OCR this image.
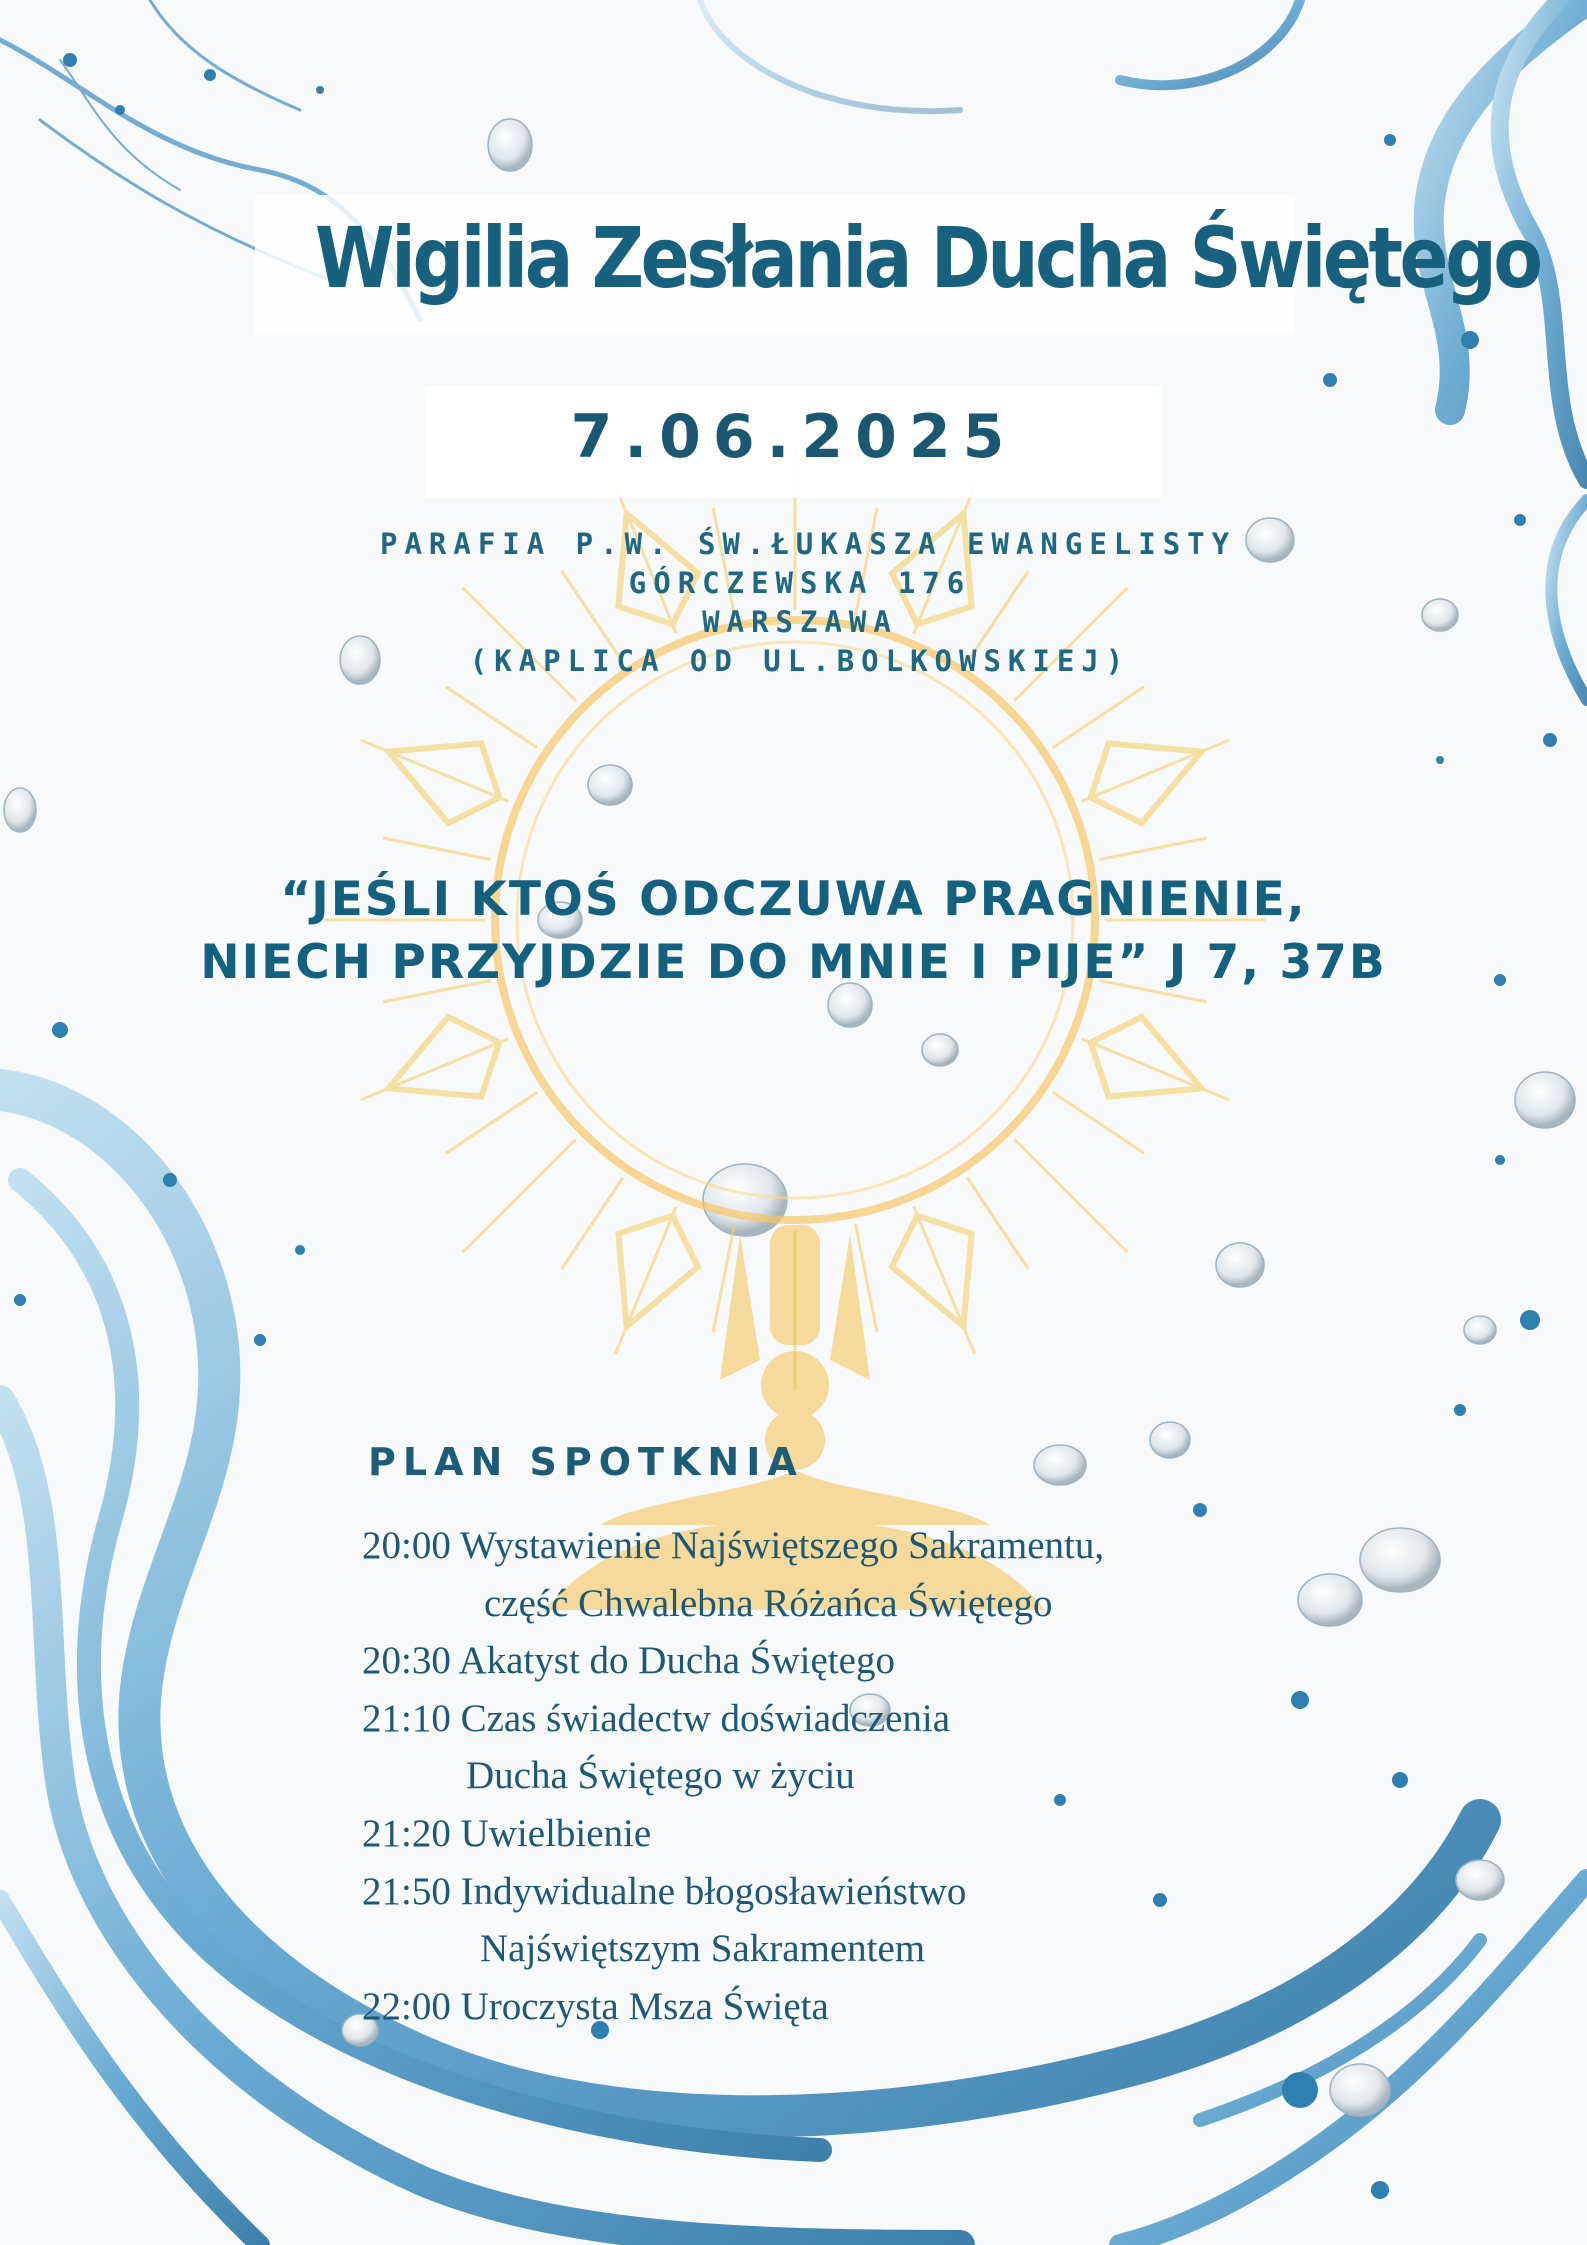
Wigilia Zesłania Ducha Świętego
7.06.2025
PARAFIA P.W. ŚW.ŁUKASZA EWANGELISTY
GÓRCZEWSKA 176
WARSZAWA
(KAPLICA OD UL.BOLKOWSKIEJ)
“JEŚLI KTOŚ ODCZUWA PRAGNIENIE,
NIECH PRZYJDZIE DO MNIE I PIJE” J 7, 37B
PLAN SPOTKNIA
20:00 Wystawienie Najświętszego Sakramentu,
część Chwalebna Różańca Świętego
20:30 Akatyst do Ducha Świętego
21:10 Czas świadectw doświadczenia
Ducha Świętego w życiu
21:20 Uwielbienie
21:50 Indywidualne błogosławieństwo
Najświętszym Sakramentem
22:00 Uroczysta Msza Święta
